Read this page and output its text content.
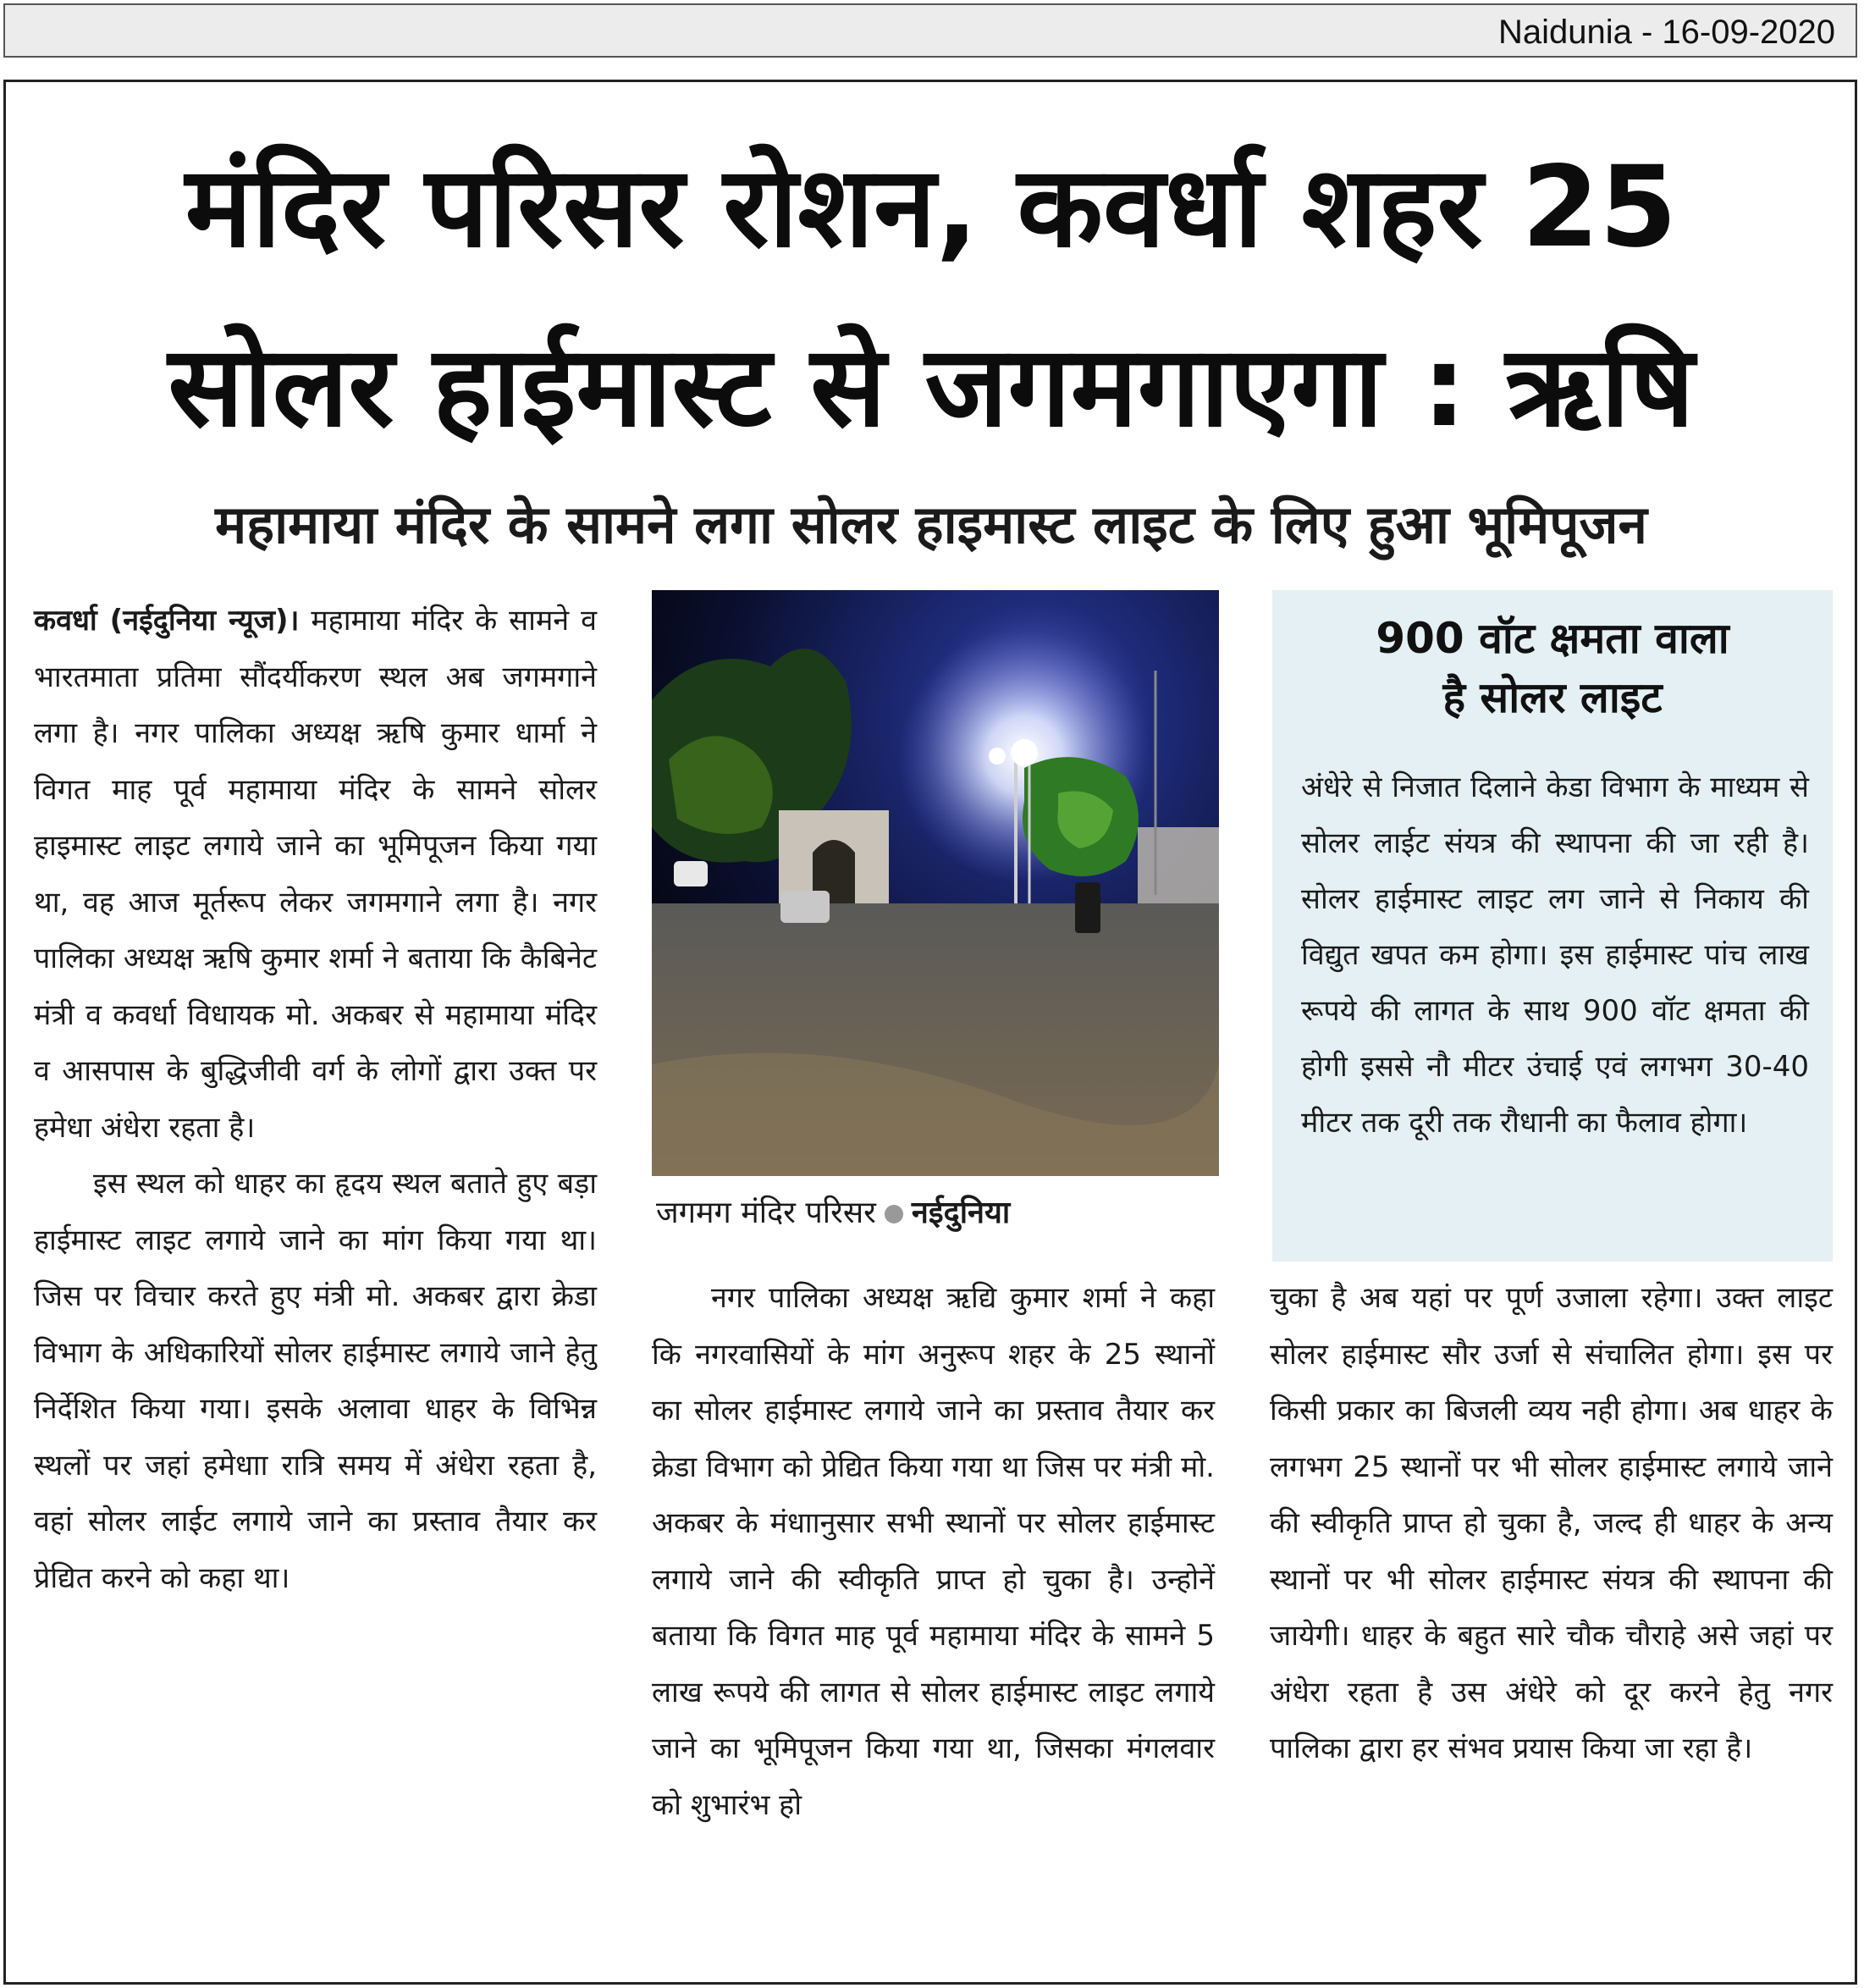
Naidunia - 16-09-2020
मंदिर परिसर रोशन, कवर्धा शहर 25
सोलर हाईमास्ट से जगमगाएगा : ऋषि
महामाया मंदिर के सामने लगा सोलर हाइमास्ट लाइट के लिए हुआ भूमिपूजन

कवर्धा (नईदुनिया न्यूज)। महामाया मंदिर के सामने व भारतमाता प्रतिमा सौंदर्यीकरण स्थल अब जगमगाने लगा है। नगर पालिका अध्यक्ष ऋषि कुमार धार्मा ने विगत माह पूर्व महामाया मंदिर के सामने सोलर हाइमास्ट लाइट लगाये जाने का भूमिपूजन किया गया था, वह आज मूर्तरूप लेकर जगमगाने लगा है। नगर पालिका अध्यक्ष ऋषि कुमार शर्मा ने बताया कि कैबिनेट मंत्री व कवर्धा विधायक मो. अकबर से महामाया मंदिर व आसपास के बुद्धिजीवी वर्ग के लोगों द्वारा उक्त पर हमेधा अंधेरा रहता है।

इस स्थल को धाहर का हृदय स्थल बताते हुए बड़ा हाईमास्ट लाइट लगाये जाने का मांग किया गया था। जिस पर विचार करते हुए मंत्री मो. अकबर द्वारा क्रेडा विभाग के अधिकारियों सोलर हाईमास्ट लगाये जाने हेतु निर्देशित किया गया। इसके अलावा धाहर के विभिन्न स्थलों पर जहां हमेधाा रात्रि समय में अंधेरा रहता है, वहां सोलर लाईट लगाये जाने का प्रस्ताव तैयार कर प्रेद्यित करने को कहा था।

जगमग मंदिर परिसर नईदुनिया
900 वॉट क्षमता वाला
है सोलर लाइट
अंधेरे से निजात दिलाने केडा विभाग के माध्यम से सोलर लाईट संयत्र की स्थापना की जा रही है। सोलर हाईमास्ट लाइट लग जाने से निकाय की विद्युत खपत कम होगा। इस हाईमास्ट पांच लाख रूपये की लागत के साथ 900 वॉट क्षमता की होगी इससे नौ मीटर उंचाई एवं लगभग 30-40 मीटर तक दूरी तक रौधानी का फैलाव होगा।

नगर पालिका अध्यक्ष ऋद्यि कुमार शर्मा ने कहा कि नगरवासियों के मांग अनुरूप शहर के 25 स्थानों का सोलर हाईमास्ट लगाये जाने का प्रस्ताव तैयार कर क्रेडा विभाग को प्रेद्यित किया गया था जिस पर मंत्री मो. अकबर के मंधाानुसार सभी स्थानों पर सोलर हाईमास्ट लगाये जाने की स्वीकृति प्राप्त हो चुका है। उन्होनें बताया कि विगत माह पूर्व महामाया मंदिर के सामने 5 लाख रूपये की लागत से सोलर हाईमास्ट लाइट लगाये जाने का भूमिपूजन किया गया था, जिसका मंगलवार को शुभारंभ हो

चुका है अब यहां पर पूर्ण उजाला रहेगा। उक्त लाइट सोलर हाईमास्ट सौर उर्जा से संचालित होगा। इस पर किसी प्रकार का बिजली व्यय नही होगा। अब धाहर के लगभग 25 स्थानों पर भी सोलर हाईमास्ट लगाये जाने की स्वीकृति प्राप्त हो चुका है, जल्द ही धाहर के अन्य स्थानों पर भी सोलर हाईमास्ट संयत्र की स्थापना की जायेगी। धाहर के बहुत सारे चौक चौराहे असे जहां पर अंधेरा रहता है उस अंधेरे को दूर करने हेतु नगर पालिका द्वारा हर संभव प्रयास किया जा रहा है।
